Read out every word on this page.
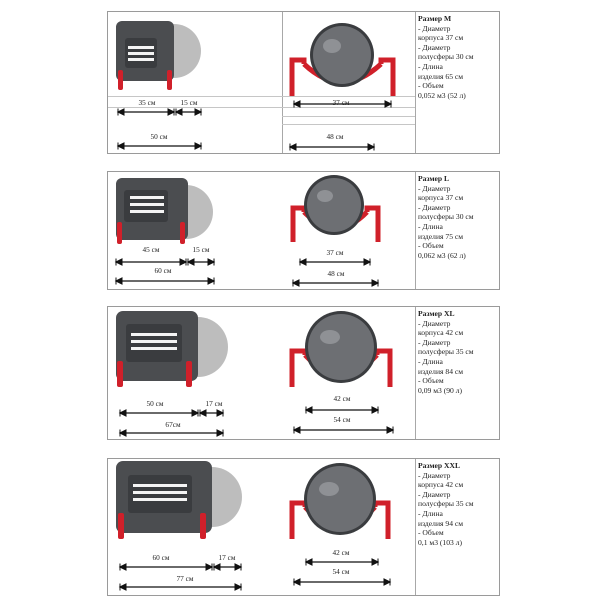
35 см	15 см
50 см
37 см
48 см
Размер M
- Диаметр
корпуса 37 см
- Диаметр
полусферы 30 см
- Длина
изделия 65 см
- Объем
0,052 м3 (52 л)
45 см	15 см
60 см
37 см
48 см
Размер L
- Диаметр
корпуса 37 см
- Диаметр
полусферы 30 см
- Длина
изделия 75 см
- Объем
0,062 м3 (62 л)
50 см	17 см
67см
42 см
54 см
Размер XL
- Диаметр
корпуса 42 см
- Диаметр
полусферы 35 см
- Длина
изделия 84 см
- Объем
0,09 м3 (90 л)
60 см	17 см
77 см
42 см
54 см
Размер XXL
- Диаметр
корпуса 42 см
- Диаметр
полусферы 35 см
- Длина
изделия 94 см
- Объем
0,1 м3 (103 л)
